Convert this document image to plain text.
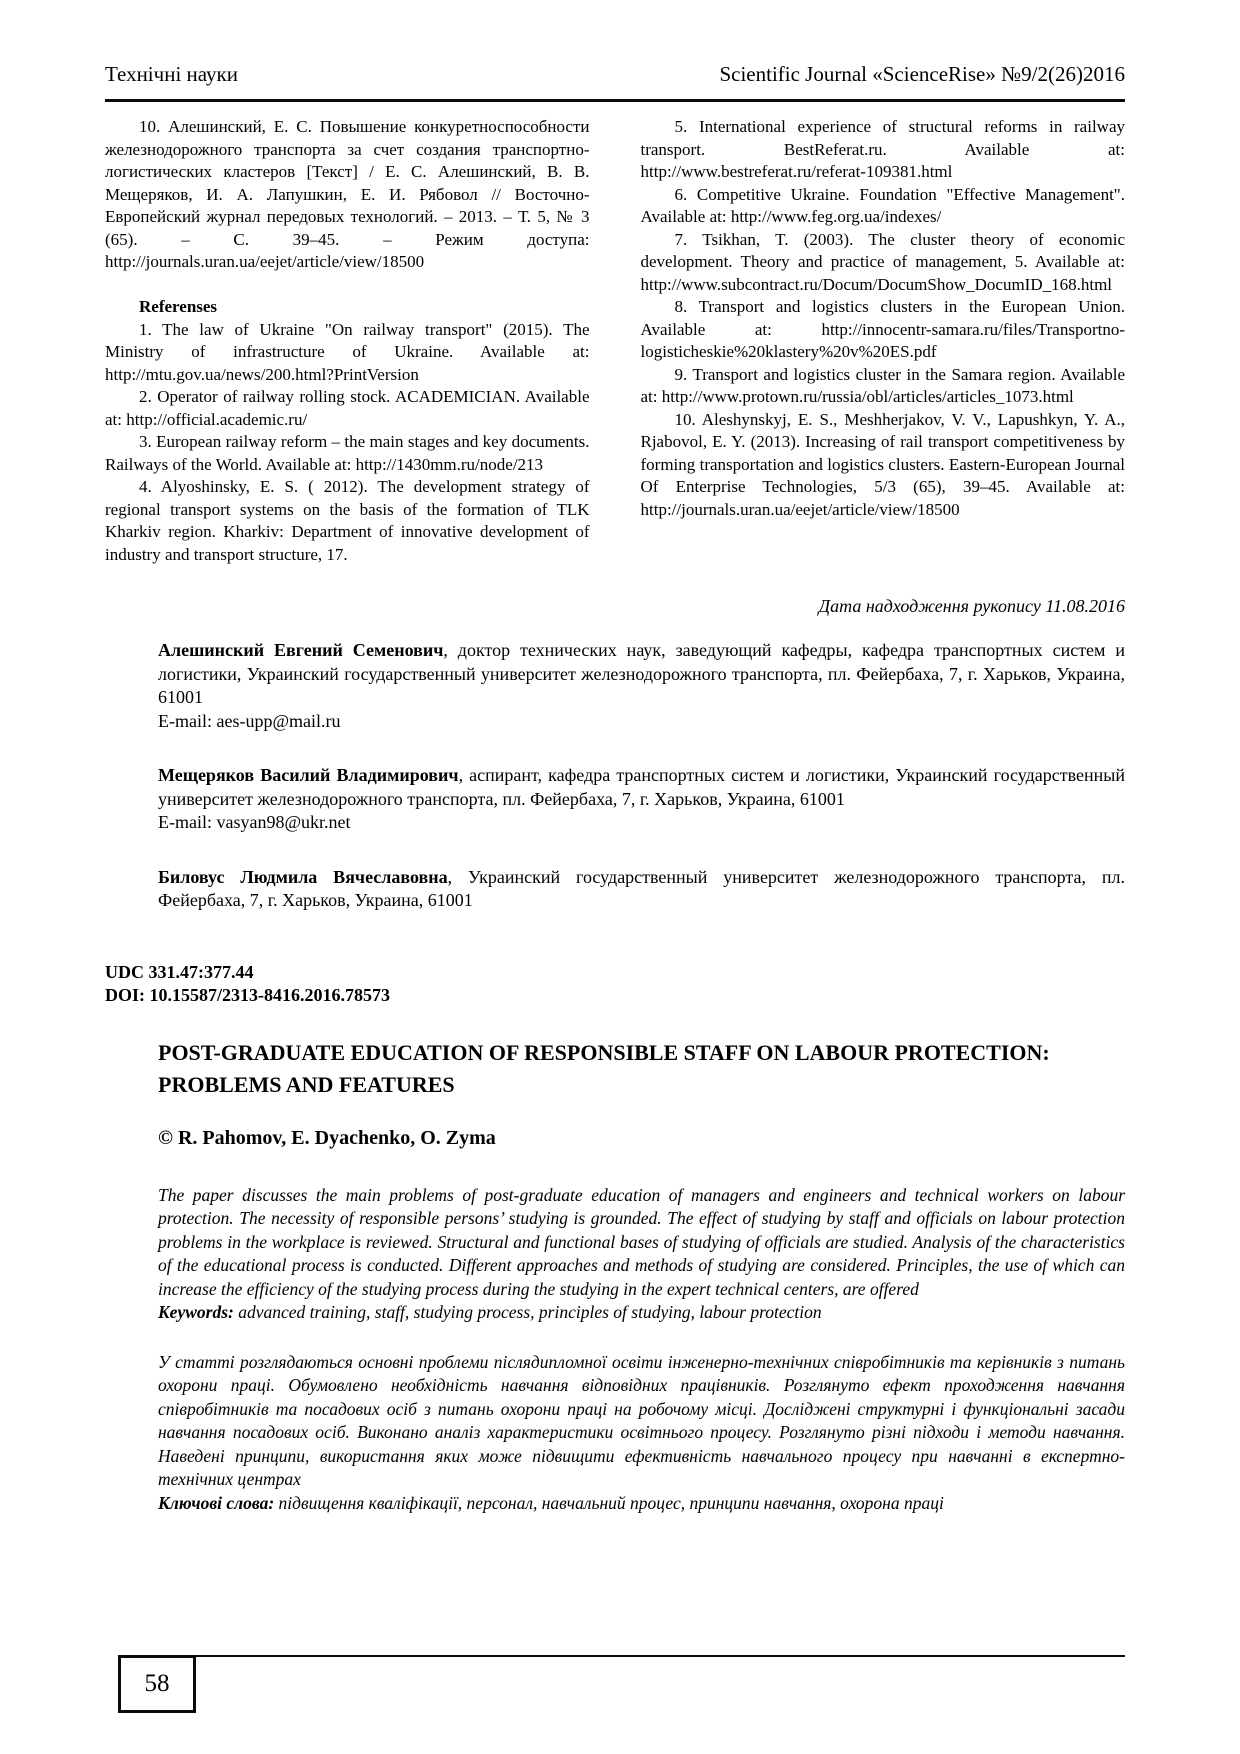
Технічні науки	Scientific Journal «ScienceRise» №9/2(26)2016

10. Алешинский, Е. С. Повышение конкуретноспособности железнодорожного транспорта за счет создания транспортно-логистических кластеров [Текст] / Е. С. Алешинский, В. В. Мещеряков, И. А. Лапушкин, Е. И. Рябовол // Восточно-Европейский журнал передовых технологий. – 2013. – Т. 5, № 3 (65). – С. 39–45. – Режим доступа: http://journals.uran.ua/eejet/article/view/18500

Referenses

1. The law of Ukraine "On railway transport" (2015). The Ministry of infrastructure of Ukraine. Available at: http://mtu.gov.ua/news/200.html?PrintVersion

2. Operator of railway rolling stock. ACADEMICIAN. Available at: http://official.academic.ru/

3. European railway reform – the main stages and key documents. Railways of the World. Available at: http://1430mm.ru/node/213

4. Alyoshinsky, E. S. ( 2012). The development strategy of regional transport systems on the basis of the formation of TLK Kharkiv region. Kharkiv: Department of innovative development of industry and transport structure, 17.

5. International experience of structural reforms in railway transport. BestReferat.ru. Available at: http://www.bestreferat.ru/referat-109381.html

6. Competitive Ukraine. Foundation "Effective Management". Available at: http://www.feg.org.ua/indexes/

7. Tsikhan, T. (2003). The cluster theory of economic development. Theory and practice of management, 5. Available at: http://www.subcontract.ru/Docum/DocumShow_DocumID_168.html

8. Transport and logistics clusters in the European Union. Available at: http://innocentr-samara.ru/files/Transportno-logisticheskie%20klastery%20v%20ES.pdf

9. Transport and logistics cluster in the Samara region. Available at: http://www.protown.ru/russia/obl/articles/articles_1073.html

10. Aleshynskyj, E. S., Meshherjakov, V. V., Lapushkyn, Y. A., Rjabovol, E. Y. (2013). Increasing of rail transport competitiveness by forming transportation and logistics clusters. Eastern-European Journal Of Enterprise Technologies, 5/3 (65), 39–45. Available at: http://journals.uran.ua/eejet/article/view/18500

Дата надходження рукопису 11.08.2016

Алешинский Евгений Семенович, доктор технических наук, заведующий кафедры, кафедра транспортных систем и логистики, Украинский государственный университет железнодорожного транспорта, пл. Фейербаха, 7, г. Харьков, Украина, 61001

E-mail: aes-upp@mail.ru

Мещеряков Василий Владимирович, аспирант, кафедра транспортных систем и логистики, Украинский государственный университет железнодорожного транспорта, пл. Фейербаха, 7, г. Харьков, Украина, 61001

E-mail: vasyan98@ukr.net

Биловус Людмила Вячеславовна, Украинский государственный университет железнодорожного транспорта, пл. Фейербаха, 7, г. Харьков, Украина, 61001

UDC 331.47:377.44

DOI: 10.15587/2313-8416.2016.78573

POST-GRADUATE EDUCATION OF RESPONSIBLE STAFF ON LABOUR PROTECTION: PROBLEMS AND FEATURES

© R. Pahomov, E. Dyachenko, O. Zyma

The paper discusses the main problems of post-graduate education of managers and engineers and technical workers on labour protection. The necessity of responsible persons’ studying is grounded. The effect of studying by staff and officials on labour protection problems in the workplace is reviewed. Structural and functional bases of studying of officials are studied. Analysis of the characteristics of the educational process is conducted. Different approaches and methods of studying are considered. Principles, the use of which can increase the efficiency of the studying process during the studying in the expert technical centers, are offered

Keywords: advanced training, staff, studying process, principles of studying, labour protection

У статті розглядаються основні проблеми післядипломної освіти інженерно-технічних співробітників та керівників з питань охорони праці. Обумовлено необхідність навчання відповідних працівників. Розглянуто ефект проходження навчання співробітників та посадових осіб з питань охорони праці на робочому місці. Досліджені структурні і функціональні засади навчання посадових осіб. Виконано аналіз характеристики освітнього процесу. Розглянуто різні підходи і методи навчання. Наведені принципи, використання яких може підвищити ефективність навчального процесу при навчанні в експертно-технічних центрах

Ключові слова: підвищення кваліфікації, персонал, навчальний процес, принципи навчання, охорона праці

58
